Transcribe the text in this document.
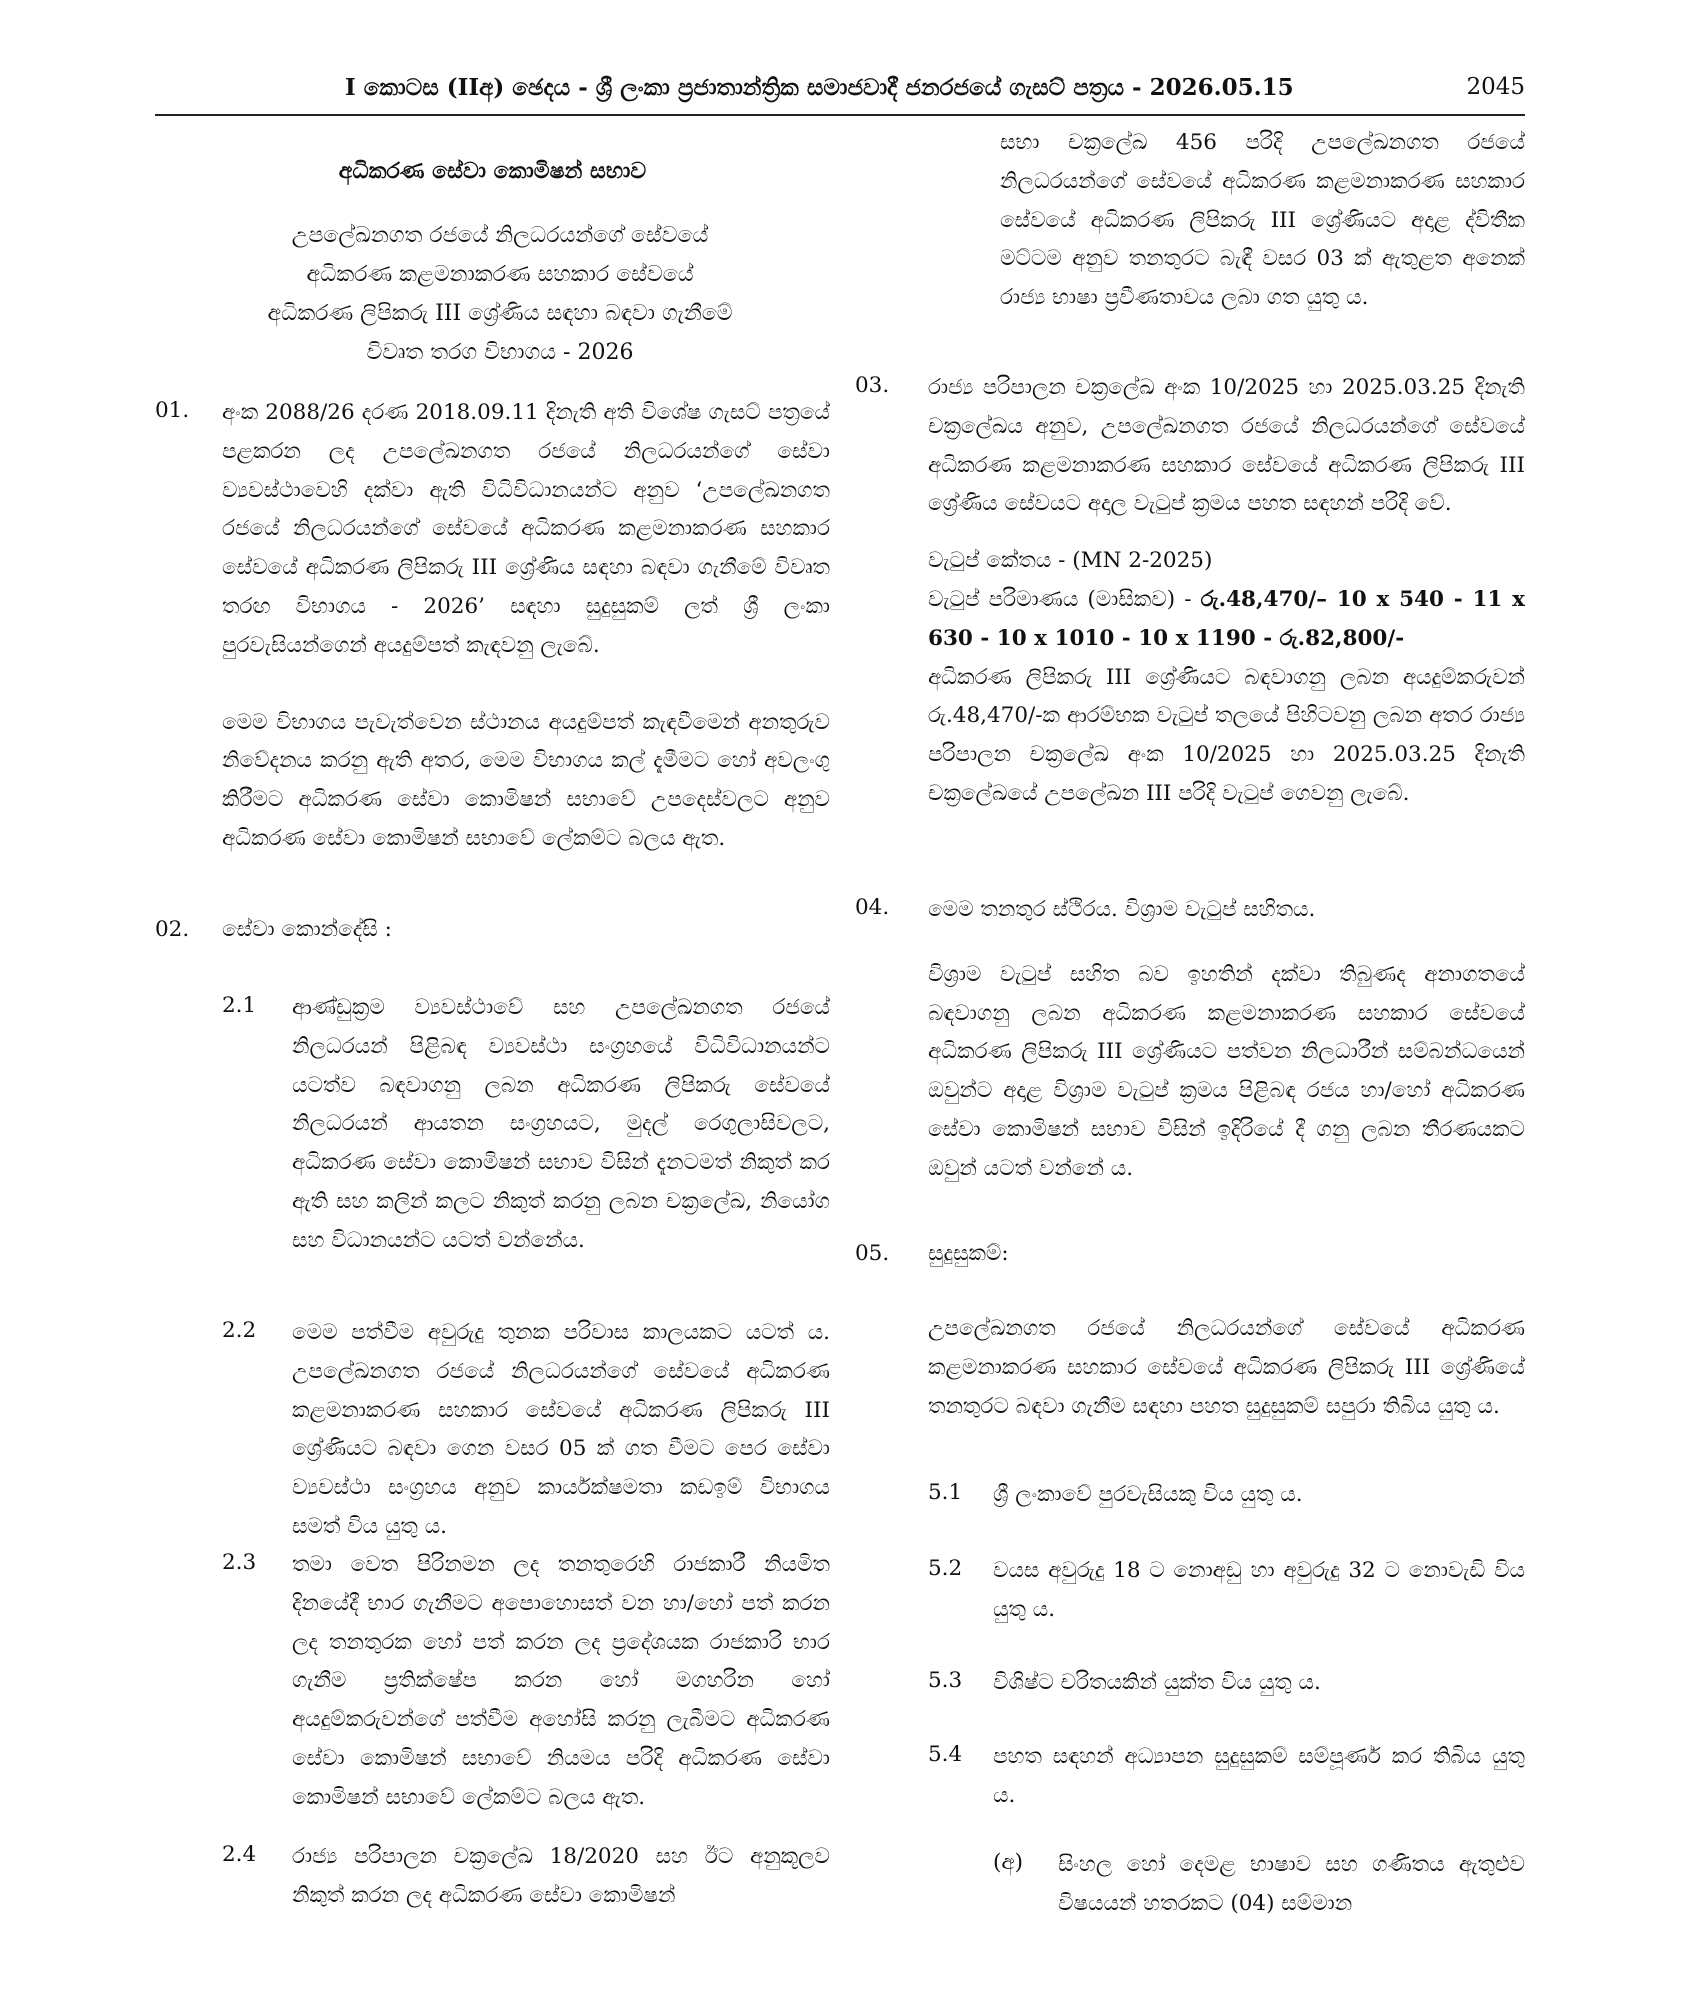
I කොටස (IIඅ) ඡෙදය - ශ්‍රී ලංකා ප්‍රජාතාන්ත්‍රික සමාජවාදී ජනරජයේ ගැසට් පත්‍රය - 2026.05.15	2045
අධිකරණ සේවා කොමිෂන් සභාව
උපලේඛනගත රජයේ නිලධරයන්ගේ සේවයේ
අධිකරණ කළමනාකරණ සහකාර සේවයේ
අධිකරණ ලිපිකරු III ශ්‍රේණිය සඳහා බඳවා ගැනීමේ
විවෘත තරග විභාගය - 2026
01. අංක 2088/26 දරණ 2018.09.11 දිනැති අති විශේෂ ගැසට් පත්‍රයේ පළකරන ලද උපලේඛනගත රජයේ නිලධරයන්ගේ සේවා ව්‍යවස්ථාවෙහි දක්වා ඇති විධිවිධානයන්ට අනුව ‘උපලේඛනගත රජයේ නිලධරයන්ගේ සේවයේ අධිකරණ කළමනාකරණ සහකාර සේවයේ අධිකරණ ලිපිකරු III ශ්‍රේණිය සඳහා බඳවා ගැනීමේ විවෘත තරඟ විභාගය - 2026’ සඳහා සුදුසුකම් ලත් ශ්‍රී ලංකා පුරවැසියන්ගෙන් අයදුම්පත් කැඳවනු ලැබේ.

මෙම විභාගය පැවැත්වෙන ස්ථානය අයදුම්පත් කැඳවීමෙන් අනතුරුව නිවේදනය කරනු ඇති අතර, මෙම විභාගය කල් දැමීමට හෝ අවලංගු කිරීමට අධිකරණ සේවා කොමිෂන් සභාවේ උපදෙස්වලට අනුව අධිකරණ සේවා කොමිෂන් සභාවේ ලේකම්ට බලය ඇත.

02. සේවා කොන්දේසි :
2.1 ආණ්ඩුක්‍රම ව්‍යවස්ථාවේ සහ උපලේඛනගත රජයේ නිලධරයන් පිළිබඳ ව්‍යවස්ථා සංග්‍රහයේ විධිවිධානයන්ට යටත්ව බඳවාගනු ලබන අධිකරණ ලිපිකරු සේවයේ නිලධරයන් ආයතන සංග්‍රහයට, මුදල් රෙගුලාසිවලට, අධිකරණ සේවා කොමිෂන් සභාව විසින් දැනටමත් නිකුත් කර ඇති සහ කලින් කලට නිකුත් කරනු ලබන චක්‍රලේඛ, නියෝග සහ විධානයන්ට යටත් වන්නේය.

2.2 මෙම පත්වීම අවුරුදු තුනක පරිවාස කාලයකට යටත් ය. උපලේඛනගත රජයේ නිලධරයන්ගේ සේවයේ අධිකරණ කළමනාකරණ සහකාර සේවයේ අධිකරණ ලිපිකරු III ශ්‍රේණියට බඳවා ගෙන වසර 05 ක් ගත වීමට පෙර සේවා ව්‍යවස්ථා සංග්‍රහය අනුව කාර්යක්ෂමතා කඩඉම් විභාගය සමත් විය යුතු ය.

2.3 තමා වෙත පිරිනමන ලද තනතුරෙහි රාජකාරී නියමිත දිනයේදී භාර ගැනීමට අපොහොසත් වන හා/හෝ පත් කරන ලද තනතුරක හෝ පත් කරන ලද ප්‍රදේශයක රාජකාරි භාර ගැනීම ප්‍රතික්ෂේප කරන හෝ මගහරින හෝ අයදුම්කරුවන්ගේ පත්වීම අහෝසි කරනු ලැබීමට අධිකරණ සේවා කොමිෂන් සභාවේ නියමය පරිදි අධිකරණ සේවා කොමිෂන් සභාවේ ලේකම්ට බලය ඇත.

2.4 රාජ්‍ය පරිපාලන චක්‍රලේඛ 18/2020 සහ ඊට අනුකූලව නිකුත් කරන ලද අධිකරණ සේවා කොමිෂන්

සභා චක්‍රලේඛ 456 පරිදි උපලේඛනගත රජයේ නිලධරයන්ගේ සේවයේ අධිකරණ කළමනාකරණ සහකාර සේවයේ අධිකරණ ලිපිකරු III ශ්‍රේණියට අදාළ ද්විතීක මට්ටම අනුව තනතුරට බැඳී වසර 03 ක් ඇතුළත අනෙක් රාජ්‍ය භාෂා ප්‍රවීණතාවය ලබා ගත යුතු ය.

03. රාජ්‍ය පරිපාලන චක්‍රලේඛ අංක 10/2025 හා 2025.03.25 දිනැති චක්‍රලේඛය අනුව, උපලේඛනගත රජයේ නිලධරයන්ගේ සේවයේ අධිකරණ කළමනාකරණ සහකාර සේවයේ අධිකරණ ලිපිකරු III ශ්‍රේණිය සේවයට අදාල වැටුප් ක්‍රමය පහත සඳහන් පරිදි වේ.

වැටුප් කේතය - (MN 2-2025)

වැටුප් පරිමාණය (මාසිකව) - රු.48,470/– 10 x 540 - 11 x 630 - 10 x 1010 - 10 x 1190 - රු.82,800/-

අධිකරණ ලිපිකරු III ශ්‍රේණියට බඳවාගනු ලබන අයදුම්කරුවන් රු.48,470/-ක ආරම්භක වැටුප් තලයේ පිහිටවනු ලබන අතර රාජ්‍ය පරිපාලන චක්‍රලේඛ අංක 10/2025 හා 2025.03.25 දිනැති චක්‍රලේඛයේ උපලේඛන III පරිදි වැටුප් ගෙවනු ලැබේ.

04. මෙම තනතුර ස්ථිරය. විශ්‍රාම වැටුප් සහිතය.

විශ්‍රාම වැටුප් සහිත බව ඉහතින් දක්වා තිබුණද අනාගතයේ බඳවාගනු ලබන අධිකරණ කළමනාකරණ සහකාර සේවයේ අධිකරණ ලිපිකරු III ශ්‍රේණියට පත්වන නිලධාරීන් සම්බන්ධයෙන් ඔවුන්ට අදාළ විශ්‍රාම වැටුප් ක්‍රමය පිළිබඳ රජය හා/හෝ අධිකරණ සේවා කොමිෂන් සභාව විසින් ඉදිරියේ දී ගනු ලබන තීරණයකට ඔවුන් යටත් වන්නේ ය.

05. සුදුසුකම්:

උපලේඛනගත රජයේ නිලධරයන්ගේ සේවයේ අධිකරණ කළමනාකරණ සහකාර සේවයේ අධිකරණ ලිපිකරු III ශ්‍රේණියේ තනතුරට බඳවා ගැනීම සඳහා පහත සුදුසුකම් සපුරා තිබිය යුතු ය.

5.1 ශ්‍රී ලංකාවේ පුරවැසියකු විය යුතු ය.

5.2 වයස අවුරුදු 18 ට නොඅඩු හා අවුරුදු 32 ට නොවැඩි විය යුතු ය.

5.3 විශිෂ්ට චරිතයකින් යුක්ත විය යුතු ය.

5.4 පහත සඳහන් අධ්‍යාපන සුදුසුකම් සම්පූර්ණ කර තිබිය යුතු ය.

(අ) සිංහල හෝ දෙමළ භාෂාව සහ ගණිතය ඇතුළුව විෂයයන් හතරකට (04) සම්මාන
